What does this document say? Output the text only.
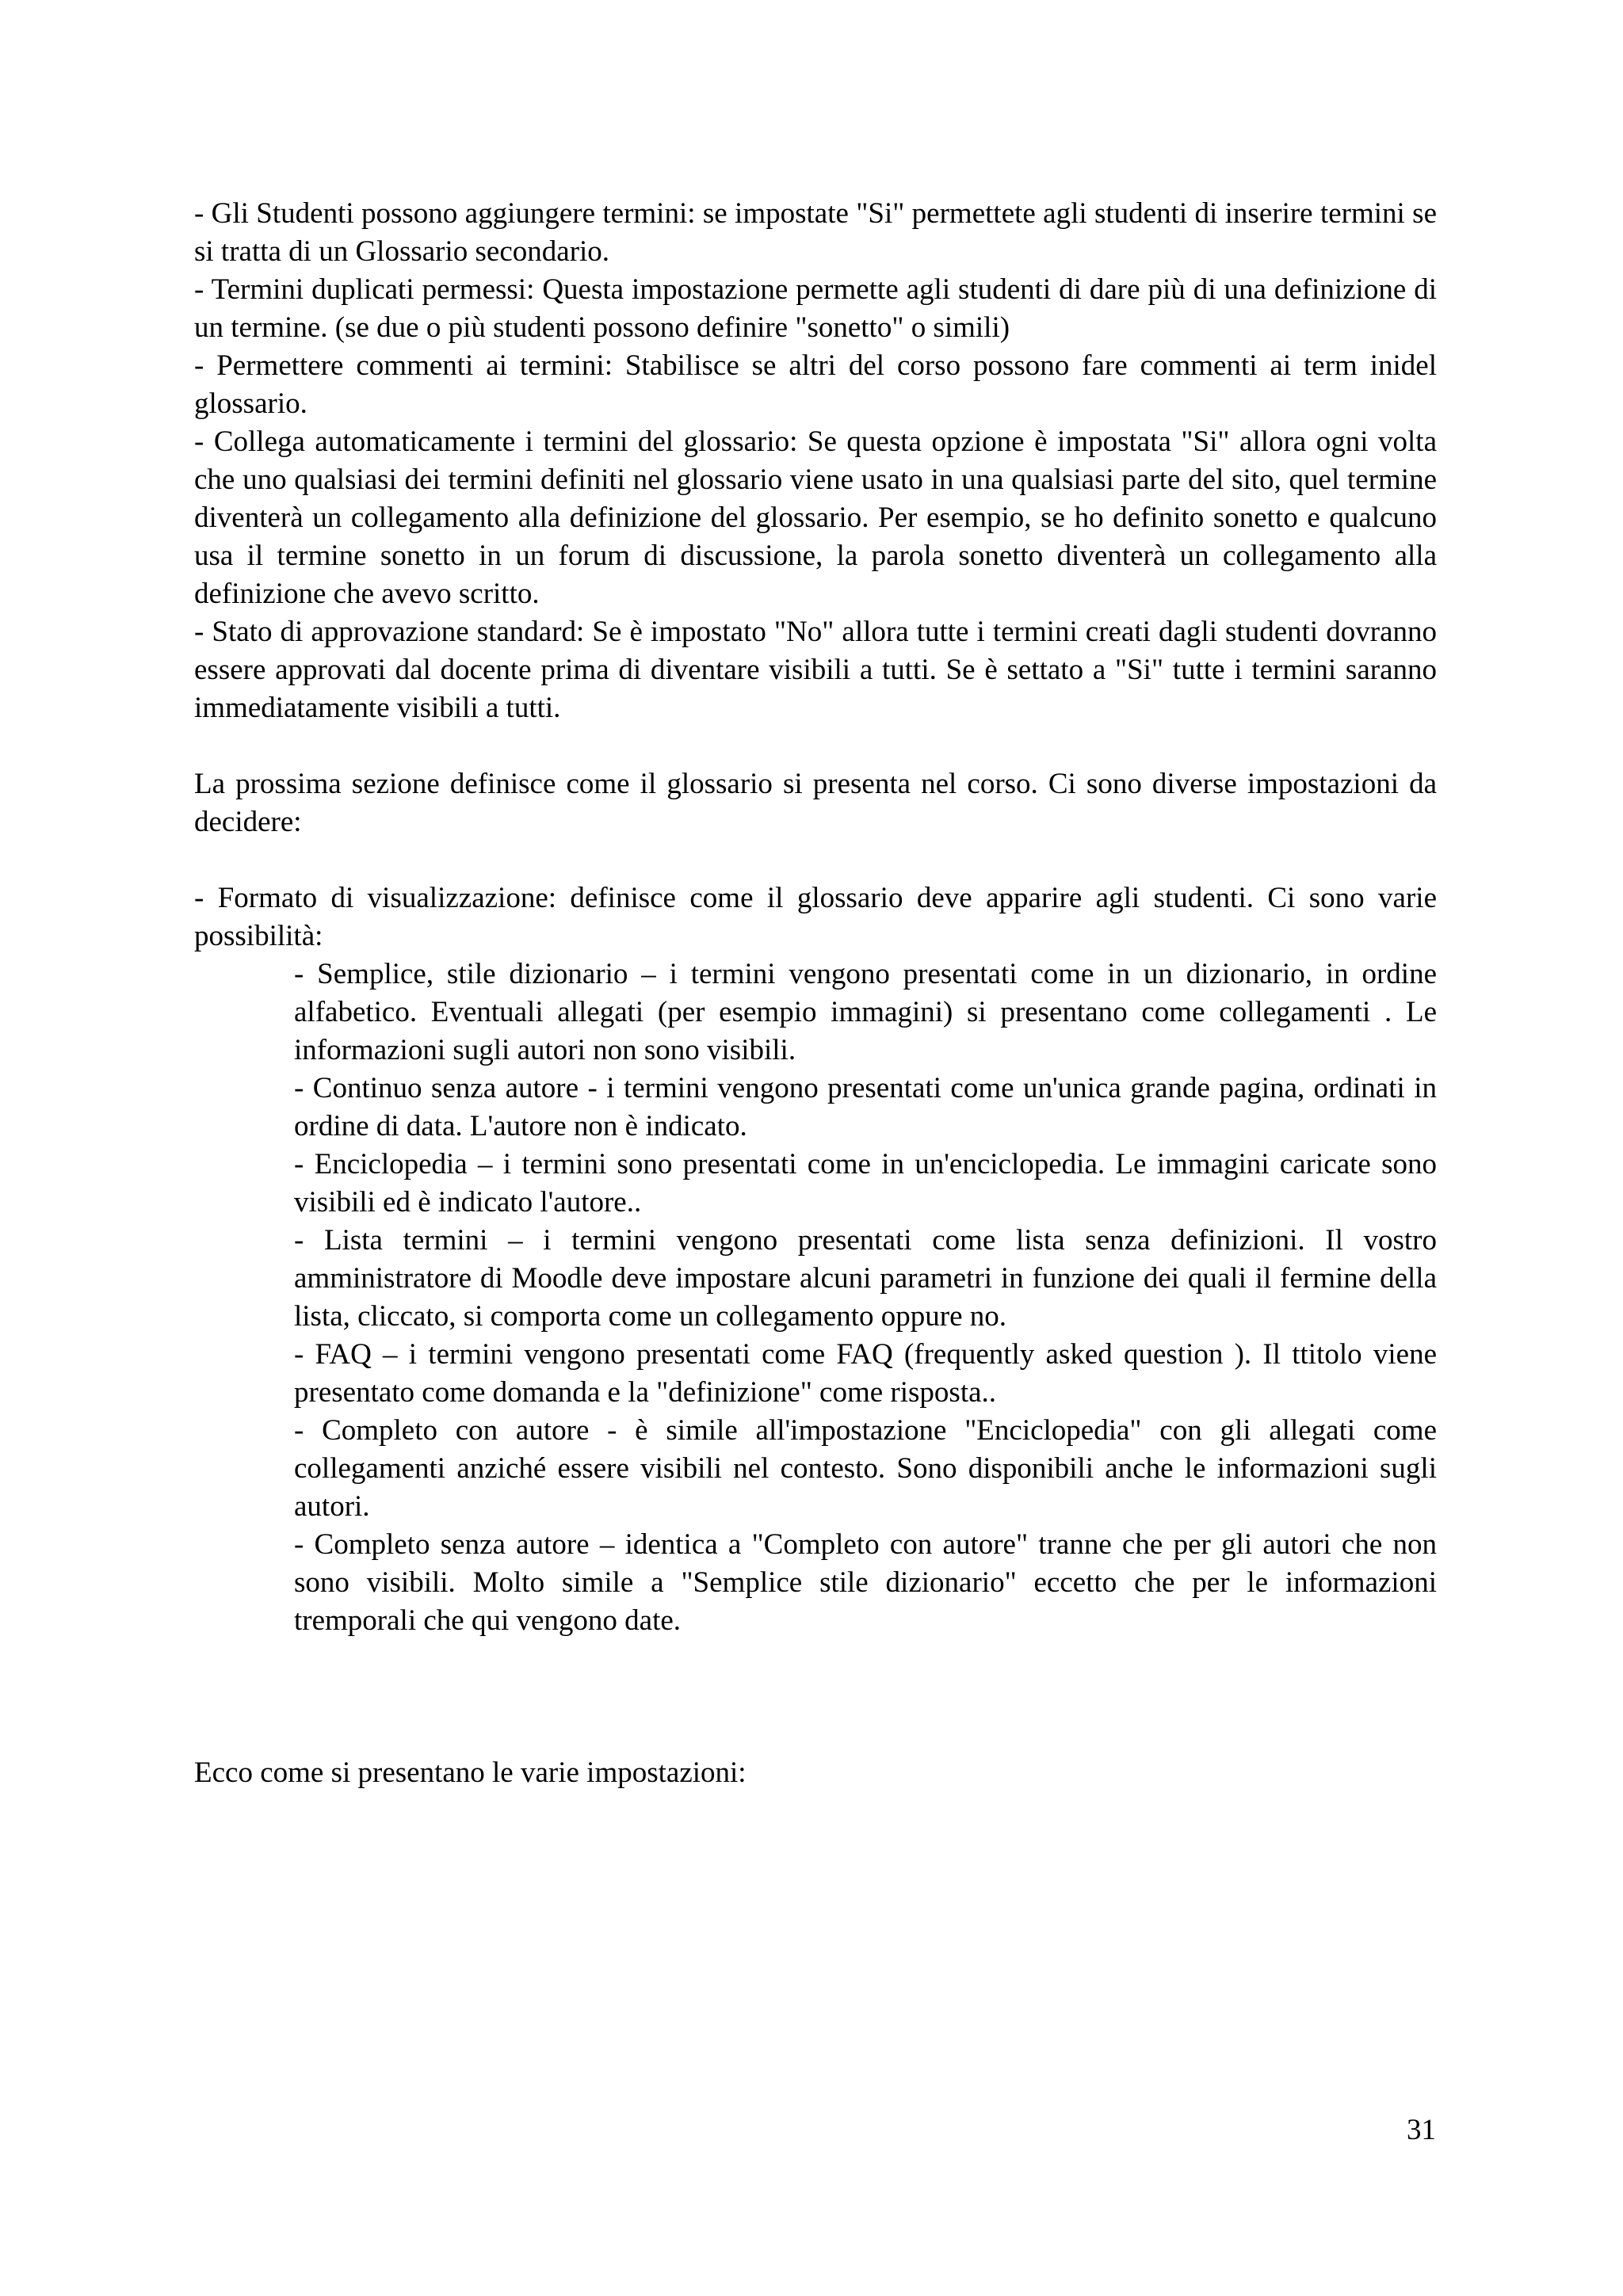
- Gli Studenti possono aggiungere termini: se impostate "Si" permettete agli studenti di inserire termini se si tratta di un Glossario secondario.

- Termini duplicati permessi: Questa impostazione permette agli studenti di dare più di una definizione di un termine. (se due o più studenti possono definire "sonetto" o simili)

- Permettere commenti ai termini: Stabilisce se altri del corso possono fare commenti ai term inidel glossario.

- Collega automaticamente i termini del glossario: Se questa opzione è impostata "Si" allora ogni volta che uno qualsiasi dei termini definiti nel glossario viene usato in una qualsiasi parte del sito, quel termine diventerà un collegamento alla definizione del glossario. Per esempio, se ho definito sonetto e qualcuno usa il termine sonetto in un forum di discussione, la parola sonetto diventerà un collegamento alla definizione che avevo scritto.

- Stato di approvazione standard: Se è impostato "No" allora tutte i termini creati dagli studenti dovranno essere approvati dal docente prima di diventare visibili a tutti. Se è settato a "Si" tutte i termini saranno immediatamente visibili a tutti.

La prossima sezione definisce come il glossario si presenta nel corso. Ci sono diverse impostazioni da decidere:

- Formato di visualizzazione: definisce come il glossario deve apparire agli studenti. Ci sono varie possibilità:

- Semplice, stile dizionario – i termini vengono presentati come in un dizionario, in ordine alfabetico. Eventuali allegati (per esempio immagini) si presentano come collegamenti . Le informazioni sugli autori non sono visibili.

- Continuo senza autore - i termini vengono presentati come un'unica grande pagina, ordinati in ordine di data. L'autore non è indicato.

- Enciclopedia – i termini sono presentati come in un'enciclopedia. Le immagini caricate sono visibili ed è indicato l'autore..

- Lista termini – i termini vengono presentati come lista senza definizioni. Il vostro amministratore di Moodle deve impostare alcuni parametri in funzione dei quali il fermine della lista, cliccato, si comporta come un collegamento oppure no.

- FAQ – i termini vengono presentati come FAQ (frequently asked question ). Il ttitolo viene presentato come domanda e la "definizione" come risposta..

- Completo con autore - è simile all'impostazione "Enciclopedia" con gli allegati come collegamenti anziché essere visibili nel contesto. Sono disponibili anche le informazioni sugli autori.

- Completo senza autore – identica a "Completo con autore" tranne che per gli autori che non sono visibili. Molto simile a "Semplice stile dizionario" eccetto che per le informazioni tremporali che qui vengono date.

Ecco come si presentano le varie impostazioni:

31
